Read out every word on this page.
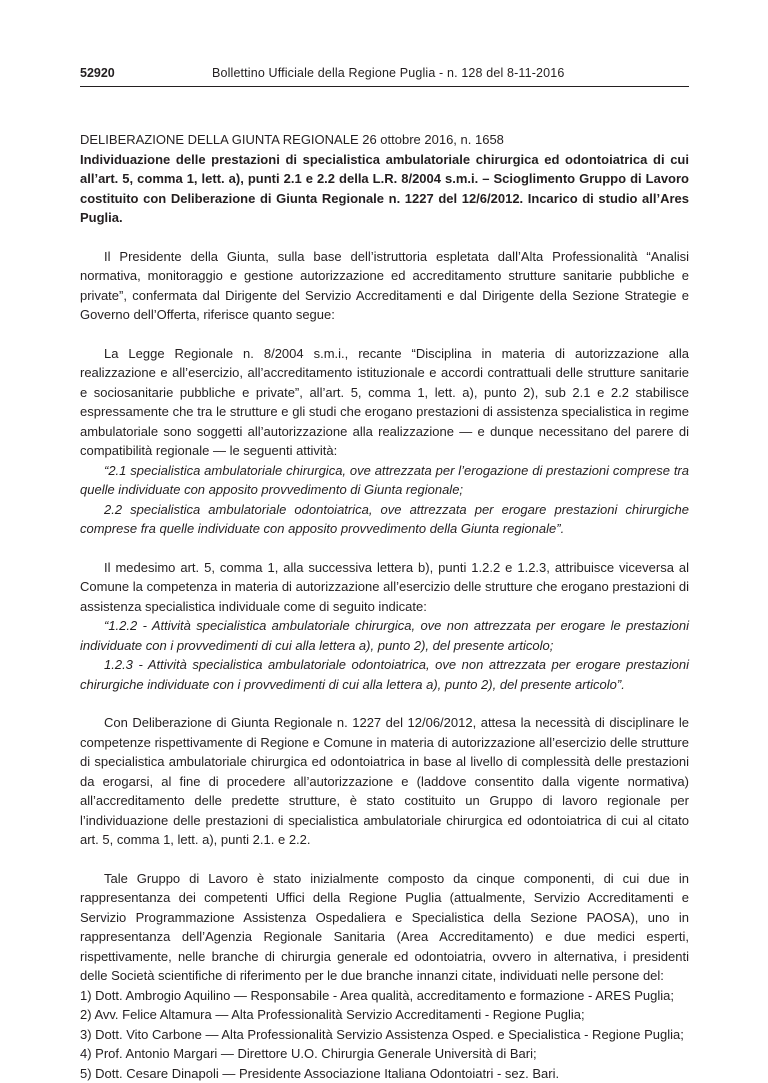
52920	Bollettino Ufficiale della Regione Puglia - n. 128 del 8-11-2016

DELIBERAZIONE DELLA GIUNTA REGIONALE 26 ottobre 2016, n. 1658

Individuazione delle prestazioni di specialistica ambulatoriale chirurgica ed odontoiatrica di cui all’art. 5, comma 1, lett. a), punti 2.1 e 2.2 della L.R. 8/2004 s.m.i. – Scioglimento Gruppo di Lavoro costituito con Deliberazione di Giunta Regionale n. 1227 del 12/6/2012. Incarico di studio all’Ares Puglia.

Il Presidente della Giunta, sulla base dell’istruttoria espletata dall’Alta Professionalità “Analisi normativa, monitoraggio e gestione autorizzazione ed accreditamento strutture sanitarie pubbliche e private”, confermata dal Dirigente del Servizio Accreditamenti e dal Dirigente della Sezione Strategie e Governo dell’Offerta, riferisce quanto segue:

La Legge Regionale n. 8/2004 s.m.i., recante “Disciplina in materia di autorizzazione alla realizzazione e all’esercizio, all’accreditamento istituzionale e accordi contrattuali delle strutture sanitarie e sociosanitarie pubbliche e private”, all’art. 5, comma 1, lett. a), punto 2), sub 2.1 e 2.2 stabilisce espressamente che tra le strutture e gli studi che erogano prestazioni di assistenza specialistica in regime ambulatoriale sono soggetti all’autorizzazione alla realizzazione — e dunque necessitano del parere di compatibilità regionale — le seguenti attività:

“2.1 specialistica ambulatoriale chirurgica, ove attrezzata per l’erogazione di prestazioni comprese tra quelle individuate con apposito provvedimento di Giunta regionale;

2.2 specialistica ambulatoriale odontoiatrica, ove attrezzata per erogare prestazioni chirurgiche comprese fra quelle individuate con apposito provvedimento della Giunta regionale”.

Il medesimo art. 5, comma 1, alla successiva lettera b), punti 1.2.2 e 1.2.3, attribuisce viceversa al Comune la competenza in materia di autorizzazione all’esercizio delle strutture che erogano prestazioni di assistenza specialistica individuale come di seguito indicate:

“1.2.2 - Attività specialistica ambulatoriale chirurgica, ove non attrezzata per erogare le prestazioni individuate con i provvedimenti di cui alla lettera a), punto 2), del presente articolo;

1.2.3 - Attività specialistica ambulatoriale odontoiatrica, ove non attrezzata per erogare prestazioni chirurgiche individuate con i provvedimenti di cui alla lettera a), punto 2), del presente articolo”.

Con Deliberazione di Giunta Regionale n. 1227 del 12/06/2012, attesa la necessità di disciplinare le competenze rispettivamente di Regione e Comune in materia di autorizzazione all’esercizio delle strutture di specialistica ambulatoriale chirurgica ed odontoiatrica in base al livello di complessità delle prestazioni da erogarsi, al fine di procedere all’autorizzazione e (laddove consentito dalla vigente normativa) all’accreditamento delle predette strutture, è stato costituito un Gruppo di lavoro regionale per l’individuazione delle prestazioni di specialistica ambulatoriale chirurgica ed odontoiatrica di cui al citato art. 5, comma 1, lett. a), punti 2.1. e 2.2.

Tale Gruppo di Lavoro è stato inizialmente composto da cinque componenti, di cui due in rappresentanza dei competenti Uffici della Regione Puglia (attualmente, Servizio Accreditamenti e Servizio Programmazione Assistenza Ospedaliera e Specialistica della Sezione PAOSA), uno in rappresentanza dell’Agenzia Regionale Sanitaria (Area Accreditamento) e due medici esperti, rispettivamente, nelle branche di chirurgia generale ed odontoiatria, ovvero in alternativa, i presidenti delle Società scientifiche di riferimento per le due branche innanzi citate, individuati nelle persone del:

1) Dott. Ambrogio Aquilino — Responsabile - Area qualità, accreditamento e formazione - ARES Puglia;

2) Avv. Felice Altamura — Alta Professionalità Servizio Accreditamenti - Regione Puglia;

3) Dott. Vito Carbone — Alta Professionalità Servizio Assistenza Osped. e Specialistica - Regione Puglia;

4) Prof. Antonio Margari — Direttore U.O. Chirurgia Generale Università di Bari;

5) Dott. Cesare Dinapoli — Presidente Associazione Italiana Odontoiatri - sez. Bari.
